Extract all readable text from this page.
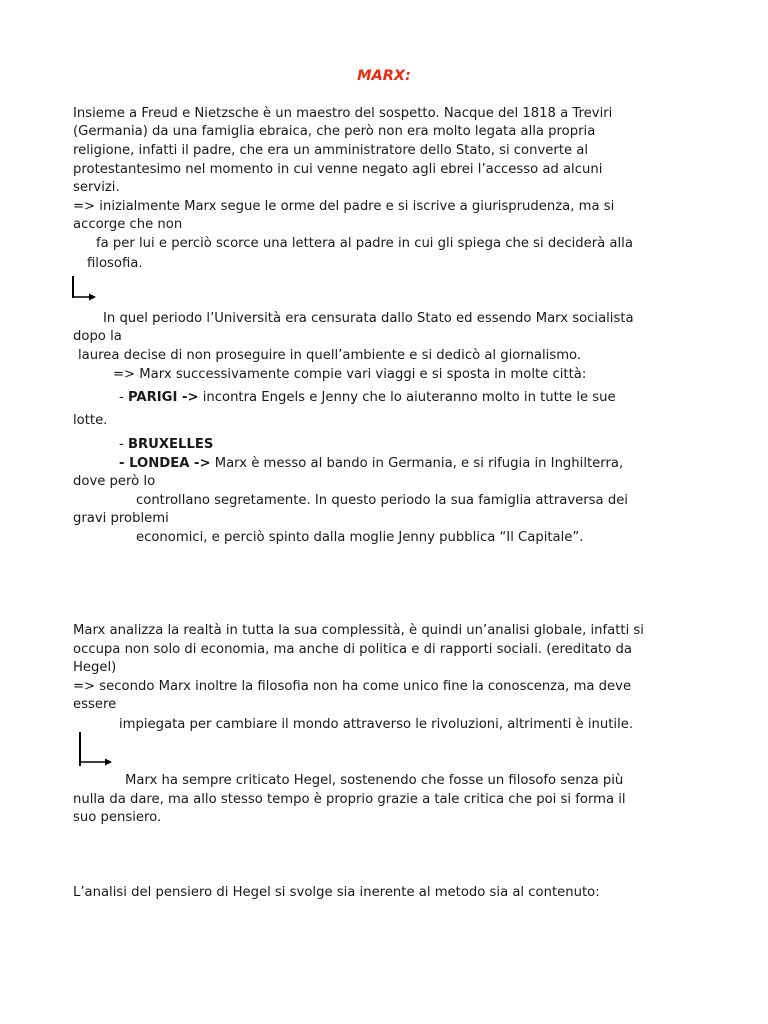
MARX:
Insieme a Freud e Nietzsche è un maestro del sospetto. Nacque del 1818 a Treviri
(Germania) da una famiglia ebraica, che però non era molto legata alla propria
religione, infatti il padre, che era un amministratore dello Stato, si converte al
protestantesimo nel momento in cui venne negato agli ebrei l’accesso ad alcuni
servizi.
=> inizialmente Marx segue le orme del padre e si iscrive a giurisprudenza, ma si
accorge che non
fa per lui e perciò scorce una lettera al padre in cui gli spiega che si deciderà alla
filosofia.
In quel periodo l’Università era censurata dallo Stato ed essendo Marx socialista
dopo la
laurea decise di non proseguire in quell’ambiente e si dedicò al giornalismo.
=> Marx successivamente compie vari viaggi e si sposta in molte città:
- PARIGI -> incontra Engels e Jenny che lo aiuteranno molto in tutte le sue
lotte.
- BRUXELLES
- LONDEA -> Marx è messo al bando in Germania, e si rifugia in Inghilterra,
dove però lo
controllano segretamente. In questo periodo la sua famiglia attraversa dei
gravi problemi
economici, e perciò spinto dalla moglie Jenny pubblica “Il Capitale”.
Marx analizza la realtà in tutta la sua complessità, è quindi un’analisi globale, infatti si
occupa non solo di economia, ma anche di politica e di rapporti sociali. (ereditato da
Hegel)
=> secondo Marx inoltre la filosofia non ha come unico fine la conoscenza, ma deve
essere
impiegata per cambiare il mondo attraverso le rivoluzioni, altrimenti è inutile.
Marx ha sempre criticato Hegel, sostenendo che fosse un filosofo senza più
nulla da dare, ma allo stesso tempo è proprio grazie a tale critica che poi si forma il
suo pensiero.
L’analisi del pensiero di Hegel si svolge sia inerente al metodo sia al contenuto:
